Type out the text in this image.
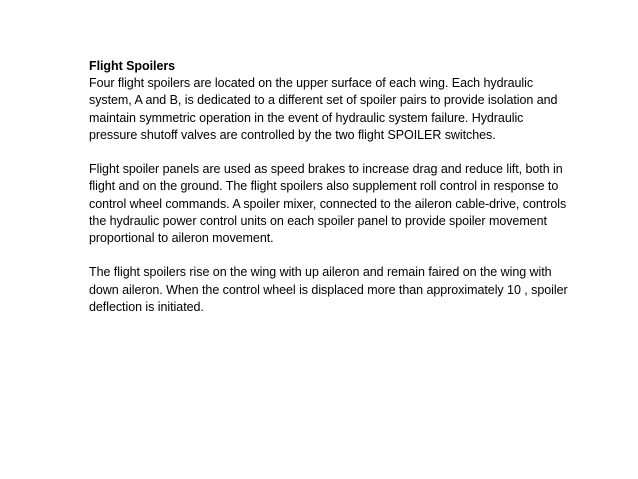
Flight Spoilers

Four flight spoilers are located on the upper surface of each wing. Each hydraulic system, A and B, is dedicated to a different set of spoiler pairs to provide isolation and maintain symmetric operation in the event of hydraulic system failure. Hydraulic pressure shutoff valves are controlled by the two flight SPOILER switches.

Flight spoiler panels are used as speed brakes to increase drag and reduce lift, both in flight and on the ground. The flight spoilers also supplement roll control in response to control wheel commands. A spoiler mixer, connected to the aileron cable-drive, controls the hydraulic power control units on each spoiler panel to provide spoiler movement proportional to aileron movement.

The flight spoilers rise on the wing with up aileron and remain faired on the wing with down aileron. When the control wheel is displaced more than approximately 10 , spoiler deflection is initiated.
